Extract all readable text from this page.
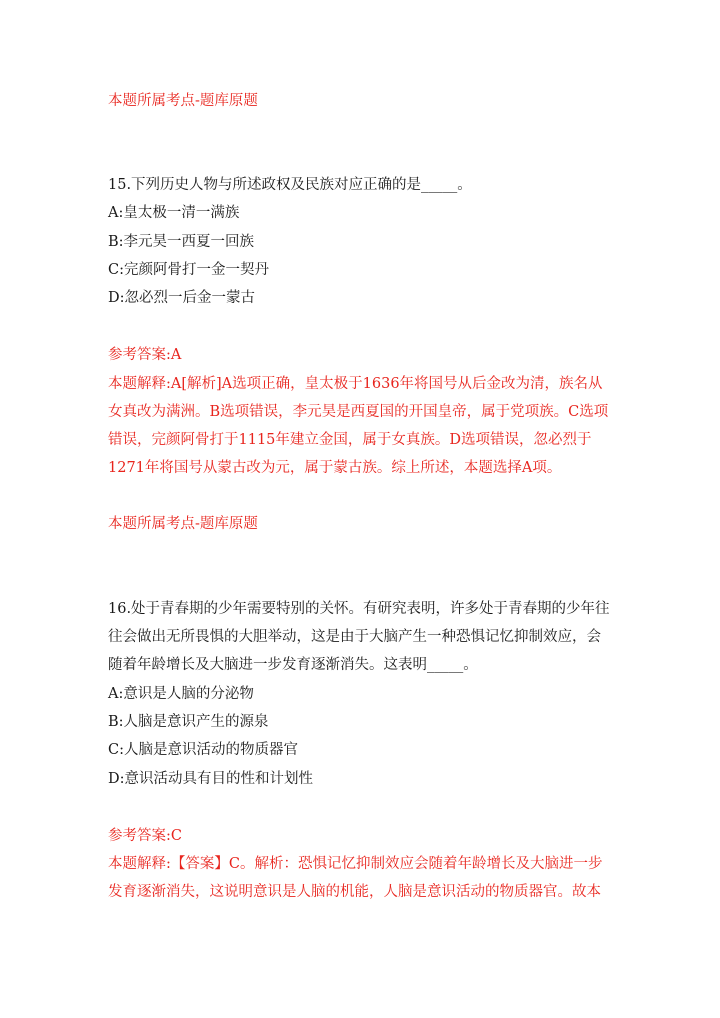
本题所属考点-题库原题
15.下列历史人物与所述政权及民族对应正确的是_____。
A:皇太极一清一满族
B:李元昊一西夏一回族
C:完颜阿骨打一金一契丹
D:忽必烈一后金一蒙古
参考答案:A
本题解释:A[解析]A选项正确，皇太极于1636年将国号从后金改为清，族名从
女真改为满洲。B选项错误，李元昊是西夏国的开国皇帝，属于党项族。C选项
错误，完颜阿骨打于1115年建立金国，属于女真族。D选项错误，忽必烈于
1271年将国号从蒙古改为元，属于蒙古族。综上所述，本题选择A项。
本题所属考点-题库原题
16.处于青春期的少年需要特别的关怀。有研究表明，许多处于青春期的少年往
往会做出无所畏惧的大胆举动，这是由于大脑产生一种恐惧记忆抑制效应，会
随着年龄增长及大脑进一步发育逐渐消失。这表明_____。
A:意识是人脑的分泌物
B:人脑是意识产生的源泉
C:人脑是意识活动的物质器官
D:意识活动具有目的性和计划性
参考答案:C
本题解释:【答案】C。解析：恐惧记忆抑制效应会随着年龄增长及大脑进一步
发育逐渐消失，这说明意识是人脑的机能，人脑是意识活动的物质器官。故本
